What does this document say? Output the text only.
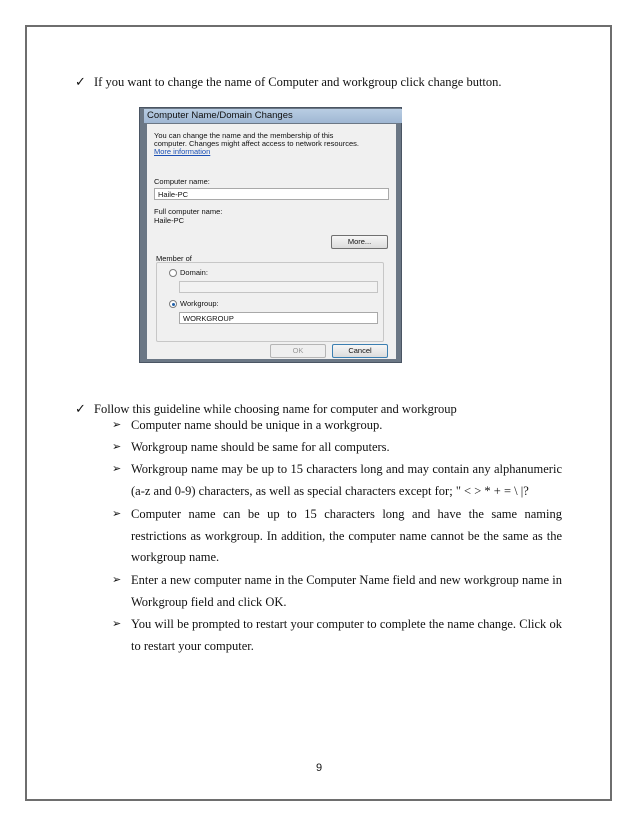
✓ If you want to change the name of Computer and workgroup click change button.
Computer Name/Domain Changes
You can change the name and the membership of this
computer. Changes might affect access to network resources.
More information
Computer name:
Haile-PC
Full computer name:
Haile-PC
More...
Member of
Domain:
Workgroup:
WORKGROUP
OK	Cancel
✓ Follow this guideline while choosing name for computer and workgroup
➢ Computer name should be unique in a workgroup.
➢ Workgroup name should be same for all computers.
➢ Workgroup name may be up to 15 characters long and may contain any alphanumeric (a-z and 0-9) characters, as well as special characters except for; " < > * + = \ |?
➢ Computer name can be up to 15 characters long and have the same naming restrictions as workgroup. In addition, the computer name cannot be the same as the workgroup name.
➢ Enter a new computer name in the Computer Name field and new workgroup name in Workgroup field and click OK.
➢ You will be prompted to restart your computer to complete the name change. Click ok to restart your computer.
9
